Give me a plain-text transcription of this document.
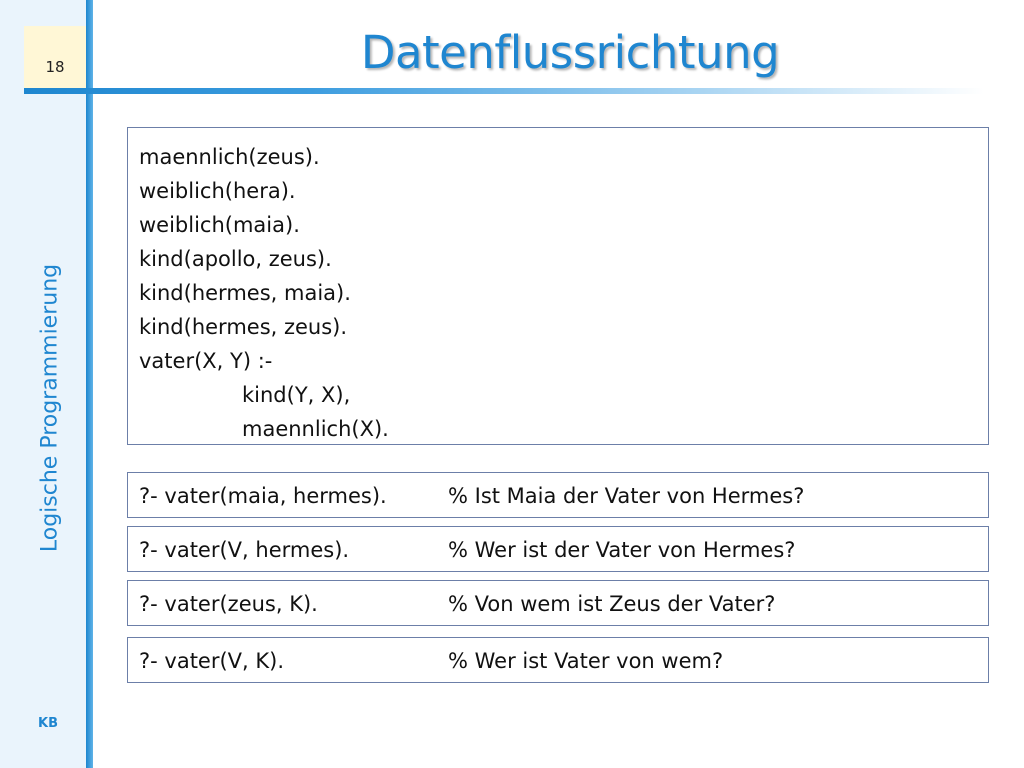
18	Datenflussrichtung
Logische Programmierung
KB
maennlich(zeus).
weiblich(hera).
weiblich(maia).
kind(apollo, zeus).
kind(hermes, maia).
kind(hermes, zeus).
vater(X, Y) :-
kind(Y, X),
maennlich(X).
?- vater(maia, hermes).	% Ist Maia der Vater von Hermes?
?- vater(V, hermes).	% Wer ist der Vater von Hermes?
?- vater(zeus, K).	% Von wem ist Zeus der Vater?
?- vater(V, K).	% Wer ist Vater von wem?
